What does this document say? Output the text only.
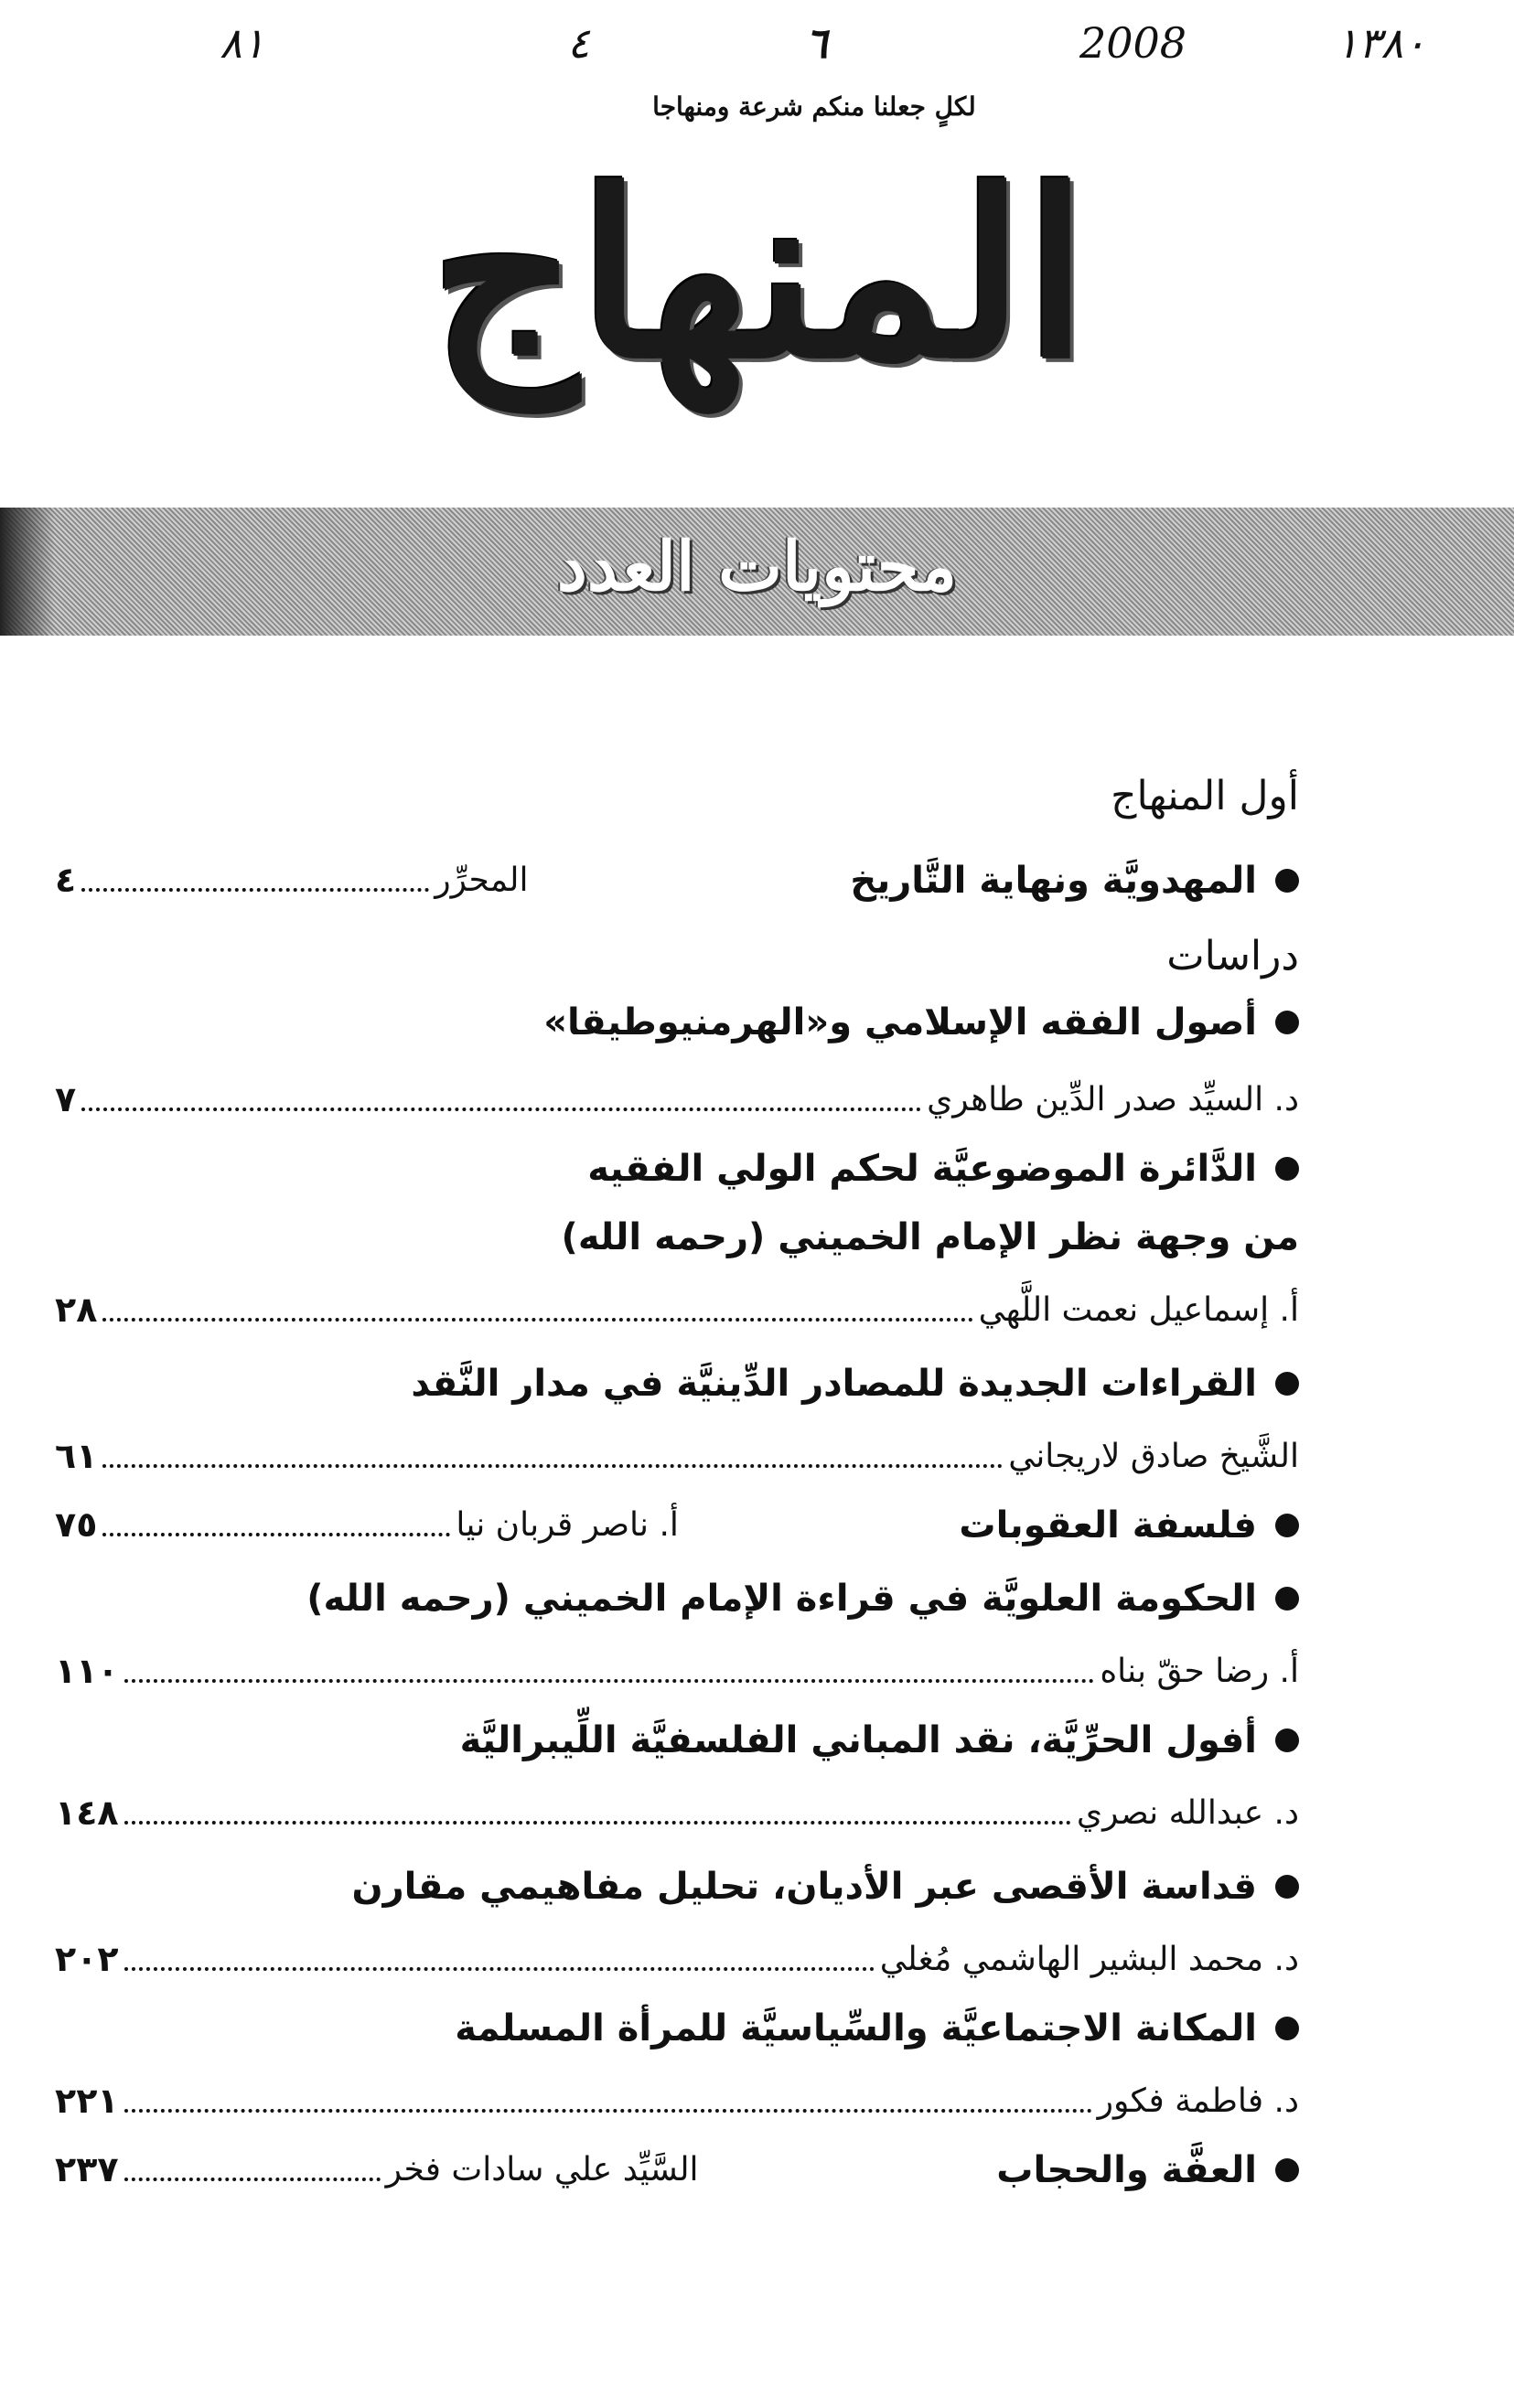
١٣٨٠
2008
٦
٤
٨١
لكلٍ جعلنا منكم شرعة ومنهاجا
المنهاج
محتويات العدد
أول المنهاج
المهدويَّة ونهاية التَّاريخ
المحرِّر
٤
دراسات
أصول الفقه الإسلامي و«الهرمنيوطيقا»
د. السيِّد صدر الدِّين طاهري
٧
الدَّائرة الموضوعيَّة لحكم الولي الفقيه
من وجهة نظر الإمام الخميني (رحمه الله)
أ. إسماعيل نعمت اللَّهي
٢٨
القراءات الجديدة للمصادر الدِّينيَّة في مدار النَّقد
الشَّيخ صادق لاريجاني
٦١
فلسفة العقوبات
أ. ناصر قربان نيا
٧٥
الحكومة العلويَّة في قراءة الإمام الخميني (رحمه الله)
أ. رضا حقّ بناه
١١٠
أفول الحرِّيَّة، نقد المباني الفلسفيَّة اللِّيبراليَّة
د. عبدالله نصري
١٤٨
قداسة الأقصى عبر الأديان، تحليل مفاهيمي مقارن
د. محمد البشير الهاشمي مُغلي
٢٠٢
المكانة الاجتماعيَّة والسِّياسيَّة للمرأة المسلمة
د. فاطمة فكور
٢٢١
العفَّة والحجاب
السَّيِّد علي سادات فخر
٢٣٧
